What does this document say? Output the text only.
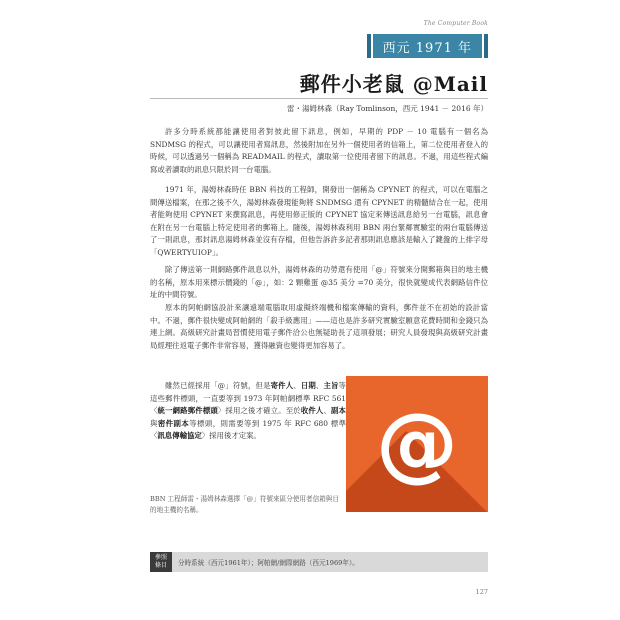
The Computer Book
西元 1971 年
郵件小老鼠 @Mail
雷・湯姆林森（Ray Tomlinson，西元 1941 － 2016 年）

許多分時系統都能讓使用者對彼此留下訊息，例如，早期的 PDP － 10 電腦有一個名為 SNDMSG 的程式，可以讓使用者寫訊息，然後附加在另外一個使用者的信箱上，第二位使用者登入的時候，可以透過另一個稱為 READMAIL 的程式，讀取第一位使用者留下的訊息。不過，用這些程式編寫或者讀取的訊息只限於同一台電腦。

1971 年，湯姆林森時任 BBN 科技的工程師，開發出一個稱為 CPYNET 的程式，可以在電腦之間傳送檔案，在那之後不久，湯姆林森發現能夠將 SNDMSG 還有 CPYNET 的精髓結合在一起，使用者能夠使用 CPYNET 來撰寫訊息，再使用修正版的 CPYNET 協定來傳送訊息給另一台電腦，訊息會在附在另一台電腦上特定使用者的郵箱上。隨後，湯姆林森利用 BBN 兩台緊鄰實驗室的兩台電腦傳送了一則訊息，那封訊息湯姆林森並沒有存檔，但他告訴許多記者那則訊息應該是輸入了鍵盤的上排字母「QWERTYUIOP」。

除了傳送第一則網路郵件訊息以外，湯姆林森的功勞還有使用「@」符號來分開郵箱與目的地主機的名稱，原本用來標示價錢的「@」，如：2 顆雞蛋 @35 美分 =70 美分，很快就變成代表網路信件位址的中間符號。

原本的阿帕網協設計來讓遠端電腦取用虛擬終端機和檔案傳輸的資料，郵件並不在初始的設計當中。不過，郵件很快變成阿帕網的「殺手級應用」——這也是許多研究實驗室願意花費時間和金錢只為連上網。高級研究計畫局習慣使用電子郵件洽公也無疑助長了這項發展；研究人員發現與高級研究計畫局經理往返電子郵件非常容易，獲得融資也變得更加容易了。

雖然已經採用「@」符號，但是寄件人、日期、主旨等這些郵件標頭，一直要等到 1973 年阿帕網標準 RFC 561〈統一網路郵件標頭〉採用之後才確立。至於收件人、副本與密件副本等標頭，則需要等到 1975 年 RFC 680 標準〈訊息傳輸協定〉採用後才定案。	@

BBN 工程師雷・湯姆林森選擇「@」符號來區分使用者信箱與目的地主機的名稱。

參照
條目	分時系統（西元1961年）；阿帕網/網際網路（西元1969年）。
127
